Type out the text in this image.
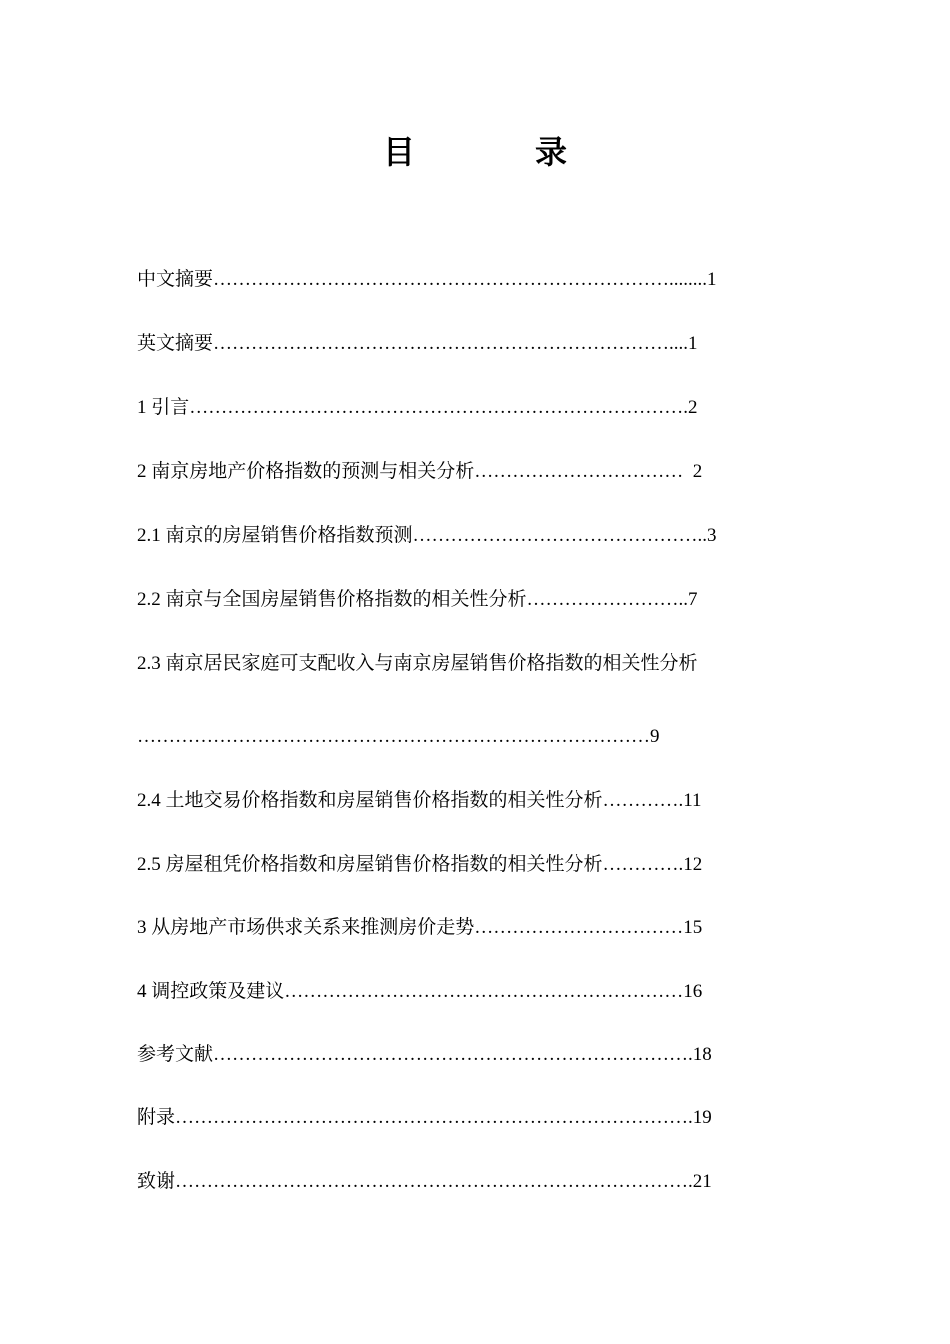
目　录
中文摘要………………………………………………………………........1
英文摘要………………………………………………………………....1
1 引言…………………………………………………………………….2
2 南京房地产价格指数的预测与相关分析……………………………  2
2.1 南京的房屋销售价格指数预测………………………………………..3
2.2 南京与全国房屋销售价格指数的相关性分析……………………..7
2.3 南京居民家庭可支配收入与南京房屋销售价格指数的相关性分析
………………………………………………………………………9
2.4 土地交易价格指数和房屋销售价格指数的相关性分析………….11
2.5 房屋租凭价格指数和房屋销售价格指数的相关性分析………….12
3 从房地产市场供求关系来推测房价走势……………………………15
4 调控政策及建议………………………………………………………16
参考文献………………………………………………………………….18
附录……………………………………………………………………….19
致谢……………………………………………………………………….21
